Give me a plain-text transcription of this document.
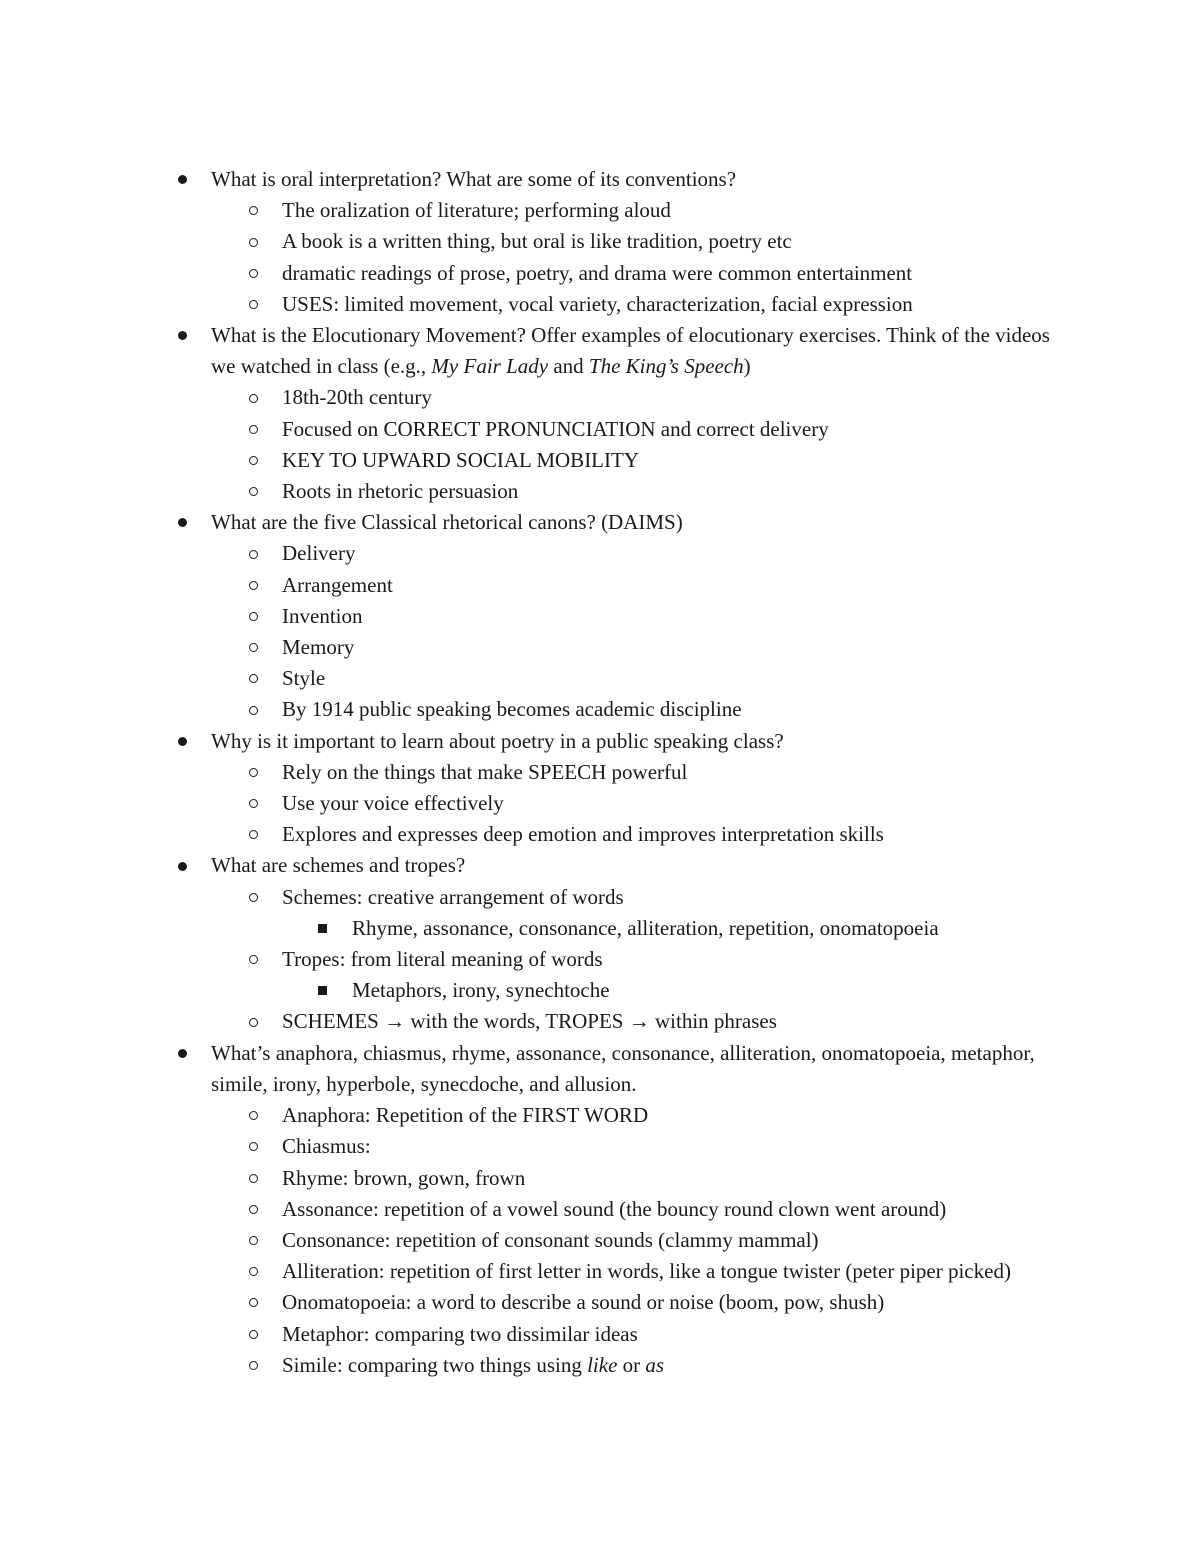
What is oral interpretation? What are some of its conventions?
The oralization of literature; performing aloud
A book is a written thing, but oral is like tradition, poetry etc
dramatic readings of prose, poetry, and drama were common entertainment
USES: limited movement, vocal variety, characterization, facial expression
What is the Elocutionary Movement? Offer examples of elocutionary exercises. Think of the videos we watched in class (e.g., My Fair Lady and The King’s Speech)
18th-20th century
Focused on CORRECT PRONUNCIATION and correct delivery
KEY TO UPWARD SOCIAL MOBILITY
Roots in rhetoric persuasion
What are the five Classical rhetorical canons? (DAIMS)
Delivery
Arrangement
Invention
Memory
Style
By 1914 public speaking becomes academic discipline
Why is it important to learn about poetry in a public speaking class?
Rely on the things that make SPEECH powerful
Use your voice effectively
Explores and expresses deep emotion and improves interpretation skills
What are schemes and tropes?
Schemes: creative arrangement of words
Rhyme, assonance, consonance, alliteration, repetition, onomatopoeia
Tropes: from literal meaning of words
Metaphors, irony, synechtoche
SCHEMES → with the words, TROPES → within phrases
What’s anaphora, chiasmus, rhyme, assonance, consonance, alliteration, onomatopoeia, metaphor, simile, irony, hyperbole, synecdoche, and allusion.
Anaphora: Repetition of the FIRST WORD
Chiasmus:
Rhyme: brown, gown, frown
Assonance: repetition of a vowel sound (the bouncy round clown went around)
Consonance: repetition of consonant sounds (clammy mammal)
Alliteration: repetition of first letter in words, like a tongue twister (peter piper picked)
Onomatopoeia: a word to describe a sound or noise (boom, pow, shush)
Metaphor: comparing two dissimilar ideas
Simile: comparing two things using like or as
